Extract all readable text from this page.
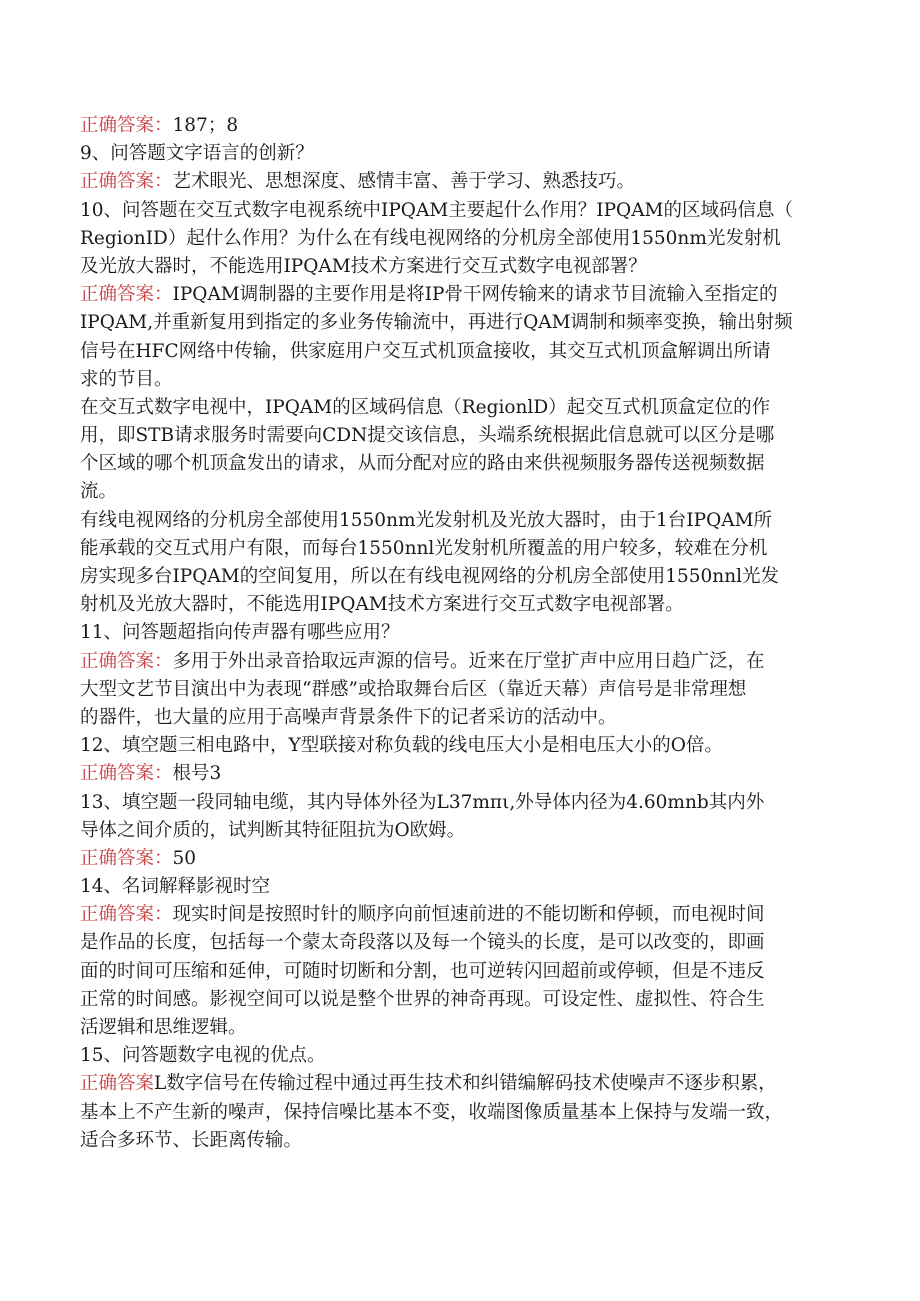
正确答案：187；8
9、问答题文字语言的创新？
正确答案：艺术眼光、思想深度、感情丰富、善于学习、熟悉技巧。
10、问答题在交互式数字电视系统中IPQAM主要起什么作用？IPQAM的区域码信息（
RegionID）起什么作用？为什么在有线电视网络的分机房全部使用1550nm光发射机
及光放大器时，不能选用IPQAM技术方案进行交互式数字电视部署？
正确答案：IPQAM调制器的主要作用是将IP骨干网传输来的请求节目流输入至指定的
IPQAM,并重新复用到指定的多业务传输流中，再进行QAM调制和频率变换，输出射频
信号在HFC网络中传输，供家庭用户交互式机顶盒接收，其交互式机顶盒解调出所请
求的节目。
在交互式数字电视中，IPQAM的区域码信息（RegionlD）起交互式机顶盒定位的作
用，即STB请求服务时需要向CDN提交该信息，头端系统根据此信息就可以区分是哪
个区域的哪个机顶盒发出的请求，从而分配对应的路由来供视频服务器传送视频数据
流。
有线电视网络的分机房全部使用1550nm光发射机及光放大器时，由于1台IPQAM所
能承载的交互式用户有限，而每台1550nnl光发射机所覆盖的用户较多，较难在分机
房实现多台IPQAM的空间复用，所以在有线电视网络的分机房全部使用1550nnl光发
射机及光放大器时，不能选用IPQAM技术方案进行交互式数字电视部署。
11、问答题超指向传声器有哪些应用？
正确答案：多用于外出录音拾取远声源的信号。近来在厅堂扩声中应用日趋广泛，在
大型文艺节目演出中为表现“群感”或拾取舞台后区（靠近天幕）声信号是非常理想
的器件，也大量的应用于高噪声背景条件下的记者采访的活动中。
12、填空题三相电路中，Y型联接对称负载的线电压大小是相电压大小的O倍。
正确答案：根号3
13、填空题一段同轴电缆，其内导体外径为L37mπι,外导体内径为4.60mnb其内外
导体之间介质的，试判断其特征阻抗为O欧姆。
正确答案：50
14、名词解释影视时空
正确答案：现实时间是按照时针的顺序向前恒速前进的不能切断和停顿，而电视时间
是作品的长度，包括每一个蒙太奇段落以及每一个镜头的长度，是可以改变的，即画
面的时间可压缩和延伸，可随时切断和分割，也可逆转闪回超前或停顿，但是不违反
正常的时间感。影视空间可以说是整个世界的神奇再现。可设定性、虚拟性、符合生
活逻辑和思维逻辑。
15、问答题数字电视的优点。
正确答案L数字信号在传输过程中通过再生技术和纠错编解码技术使噪声不逐步积累，
基本上不产生新的噪声，保持信噪比基本不变，收端图像质量基本上保持与发端一致，
适合多环节、长距离传输。
